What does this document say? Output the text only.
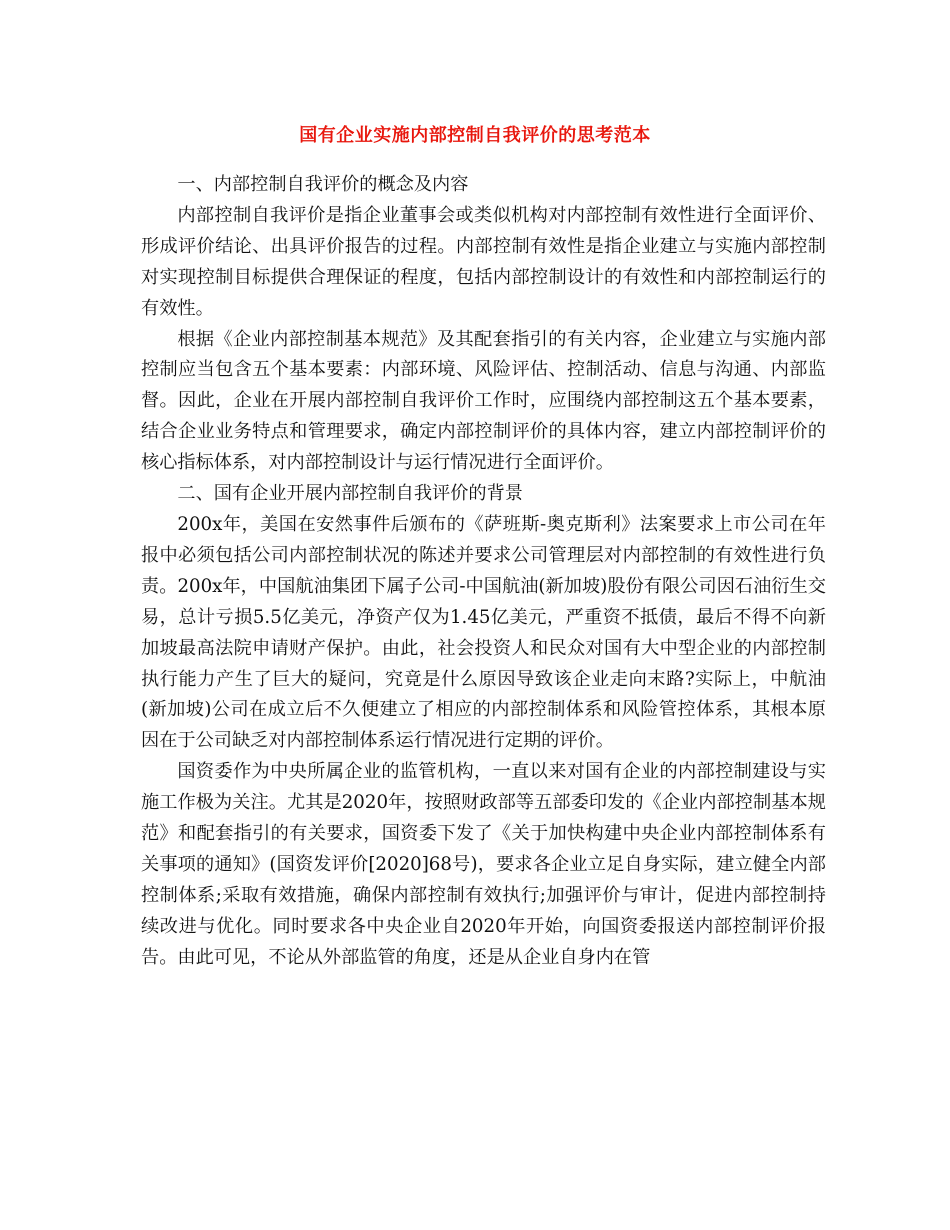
国有企业实施内部控制自我评价的思考范本

一、内部控制自我评价的概念及内容

内部控制自我评价是指企业董事会或类似机构对内部控制有效性进行全面评价、形成评价结论、出具评价报告的过程。内部控制有效性是指企业建立与实施内部控制对实现控制目标提供合理保证的程度，包括内部控制设计的有效性和内部控制运行的有效性。

根据《企业内部控制基本规范》及其配套指引的有关内容，企业建立与实施内部控制应当包含五个基本要素：内部环境、风险评估、控制活动、信息与沟通、内部监督。因此，企业在开展内部控制自我评价工作时，应围绕内部控制这五个基本要素，结合企业业务特点和管理要求，确定内部控制评价的具体内容，建立内部控制评价的核心指标体系，对内部控制设计与运行情况进行全面评价。

二、国有企业开展内部控制自我评价的背景

200x年，美国在安然事件后颁布的《萨班斯-奥克斯利》法案要求上市公司在年报中必须包括公司内部控制状况的陈述并要求公司管理层对内部控制的有效性进行负责。200x年，中国航油集团下属子公司-中国航油(新加坡)股份有限公司因石油衍生交易，总计亏损5.5亿美元，净资产仅为1.45亿美元，严重资不抵债，最后不得不向新加坡最高法院申请财产保护。由此，社会投资人和民众对国有大中型企业的内部控制执行能力产生了巨大的疑问，究竟是什么原因导致该企业走向末路?实际上，中航油(新加坡)公司在成立后不久便建立了相应的内部控制体系和风险管控体系，其根本原因在于公司缺乏对内部控制体系运行情况进行定期的评价。

国资委作为中央所属企业的监管机构，一直以来对国有企业的内部控制建设与实施工作极为关注。尤其是2020年，按照财政部等五部委印发的《企业内部控制基本规范》和配套指引的有关要求，国资委下发了《关于加快构建中央企业内部控制体系有关事项的通知》(国资发评价[2020]68号)，要求各企业立足自身实际，建立健全内部控制体系;采取有效措施，确保内部控制有效执行;加强评价与审计，促进内部控制持续改进与优化。同时要求各中央企业自2020年开始，向国资委报送内部控制评价报告。由此可见，不论从外部监管的角度，还是从企业自身内在管
